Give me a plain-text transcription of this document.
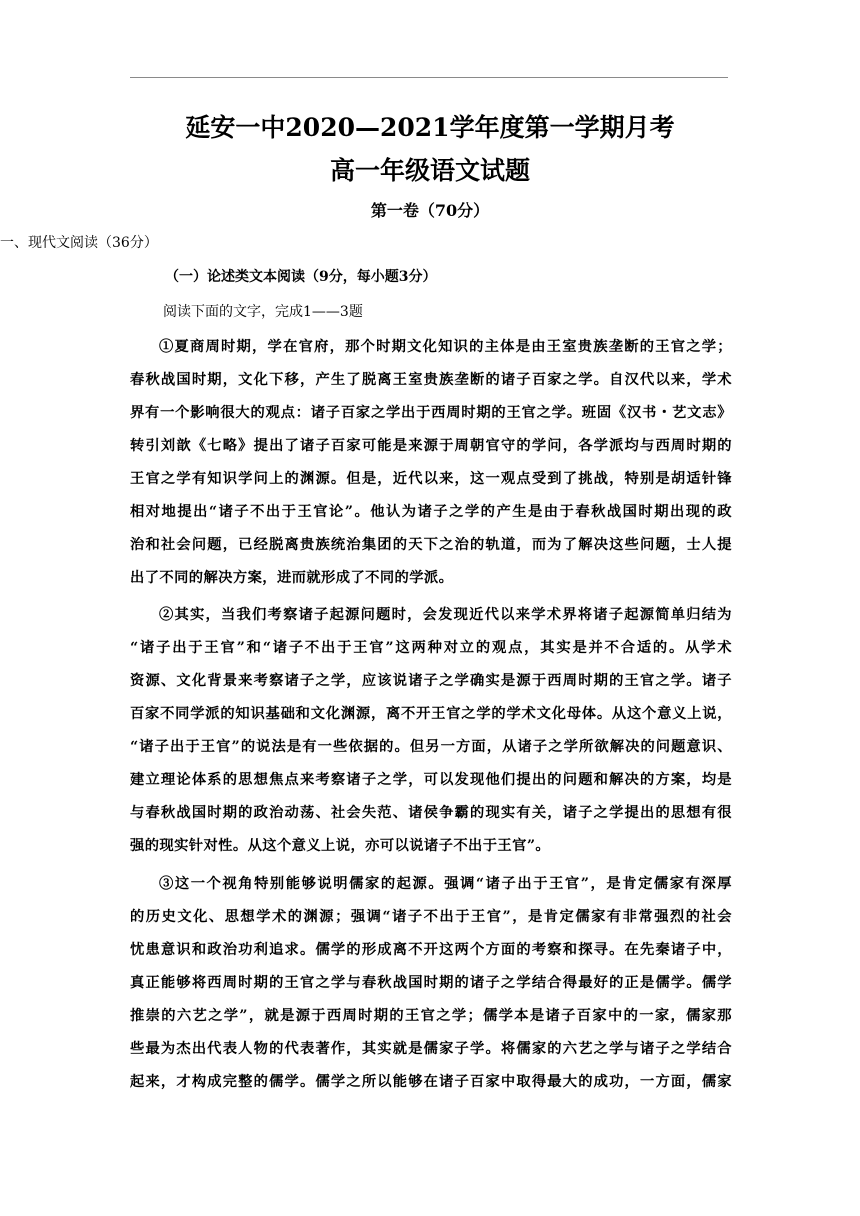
延安一中2020—2021学年度第一学期月考
高一年级语文试题
第一卷（70分）
一、现代文阅读（36分）
（一）论述类文本阅读（9分，每小题3分）
阅读下面的文字，完成1——3题
①夏商周时期，学在官府，那个时期文化知识的主体是由王室贵族垄断的王官之学；
春秋战国时期，文化下移，产生了脱离王室贵族垄断的诸子百家之学。自汉代以来，学术
界有一个影响很大的观点：诸子百家之学出于西周时期的王官之学。班固《汉书・艺文志》
转引刘歆《七略》提出了诸子百家可能是来源于周朝官守的学问，各学派均与西周时期的
王官之学有知识学问上的渊源。但是，近代以来，这一观点受到了挑战，特别是胡适针锋
相对地提出“诸子不出于王官论”。他认为诸子之学的产生是由于春秋战国时期出现的政
治和社会问题，已经脱离贵族统治集团的天下之治的轨道，而为了解决这些问题，士人提
出了不同的解决方案，进而就形成了不同的学派。
②其实，当我们考察诸子起源问题时，会发现近代以来学术界将诸子起源简单归结为
“诸子出于王官”和“诸子不出于王官”这两种对立的观点，其实是并不合适的。从学术
资源、文化背景来考察诸子之学，应该说诸子之学确实是源于西周时期的王官之学。诸子
百家不同学派的知识基础和文化渊源，离不开王官之学的学术文化母体。从这个意义上说，
“诸子出于王官”的说法是有一些依据的。但另一方面，从诸子之学所欲解决的问题意识、
建立理论体系的思想焦点来考察诸子之学，可以发现他们提出的问题和解决的方案，均是
与春秋战国时期的政治动荡、社会失范、诸侯争霸的现实有关，诸子之学提出的思想有很
强的现实针对性。从这个意义上说，亦可以说诸子不出于王官”。
③这一个视角特别能够说明儒家的起源。强调“诸子出于王官”，是肯定儒家有深厚
的历史文化、思想学术的渊源；强调“诸子不出于王官”，是肯定儒家有非常强烈的社会
忧患意识和政治功利追求。儒学的形成离不开这两个方面的考察和探寻。在先秦诸子中，
真正能够将西周时期的王官之学与春秋战国时期的诸子之学结合得最好的正是儒学。儒学
推崇的六艺之学”，就是源于西周时期的王官之学；儒学本是诸子百家中的一家，儒家那
些最为杰出代表人物的代表著作，其实就是儒家子学。将儒家的六艺之学与诸子之学结合
起来，才构成完整的儒学。儒学之所以能够在诸子百家中取得最大的成功，一方面，儒家
